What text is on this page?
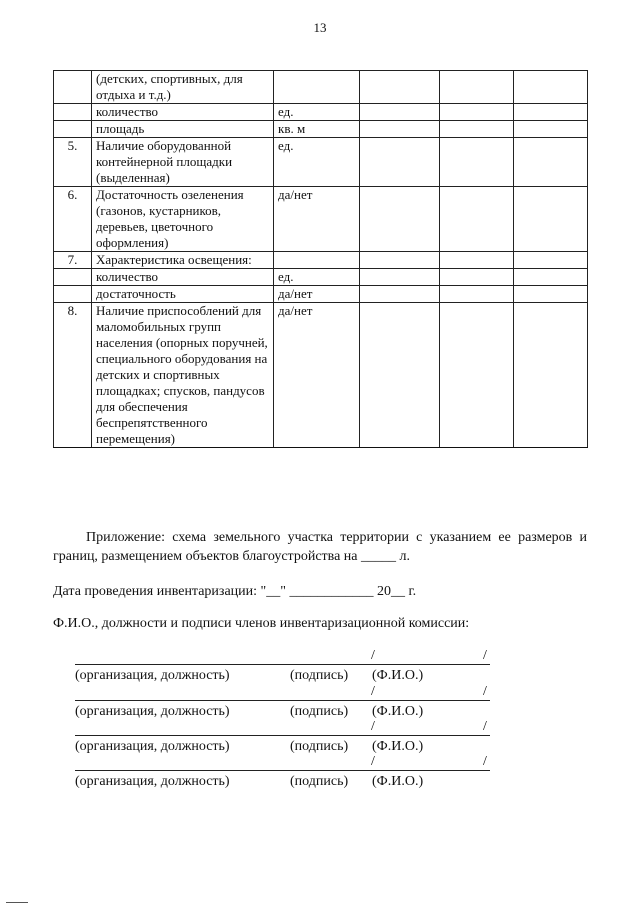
13
	(детских, спортивных, для отдыха и т.д.)				
	количество	ед.			
	площадь	кв. м			
5.	Наличие оборудованной контейнерной площадки (выделенная)	ед.			
6.	Достаточность озеленения (газонов, кустарников, деревьев, цветочного оформления)	да/нет			
7.	Характеристика освещения:				
	количество	ед.			
	достаточность	да/нет			
8.	Наличие приспособлений для маломобильных групп населения (опорных поручней, специального оборудования на детских и спортивных площадках; спусков, пандусов для обеспечения беспрепятственного перемещения)	да/нет			
Приложение: схема земельного участка территории с указанием ее размеров и границ, размещением объектов благоустройства на _____ л.
Дата проведения инвентаризации: "__" ____________ 20__ г.
Ф.И.О., должности и подписи членов инвентаризационной комиссии:
/	/
(организация, должность)	(подпись) (Ф.И.О.)
/	/
(организация, должность)	(подпись) (Ф.И.О.)
/	/
(организация, должность)	(подпись) (Ф.И.О.)
/	/
(организация, должность)	(подпись) (Ф.И.О.)
